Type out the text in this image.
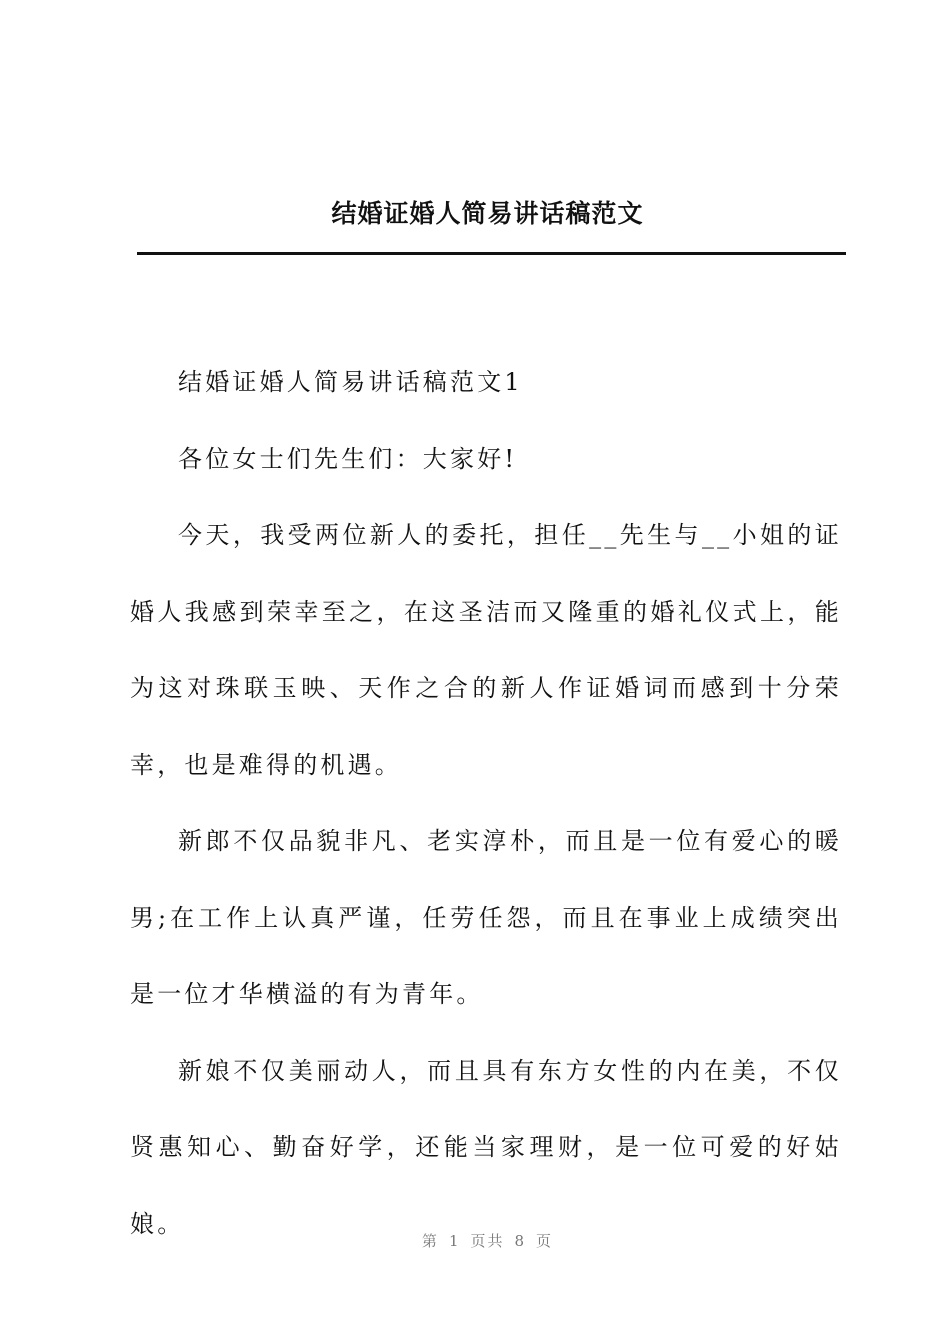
结婚证婚人简易讲话稿范文

结婚证婚人简易讲话稿范文1

各位女士们先生们：大家好!

今天，我受两位新人的委托，担任__先生与__小姐的证婚人我感到荣幸至之，在这圣洁而又隆重的婚礼仪式上，能为这对珠联玉映、天作之合的新人作证婚词而感到十分荣幸，也是难得的机遇。

新郎不仅品貌非凡、老实淳朴，而且是一位有爱心的暖男;在工作上认真严谨，任劳任怨，而且在事业上成绩突出是一位才华横溢的有为青年。

新娘不仅美丽动人，而且具有东方女性的内在美，不仅贤惠知心、勤奋好学，还能当家理财，是一位可爱的好姑娘。

第 1 页共 8 页
